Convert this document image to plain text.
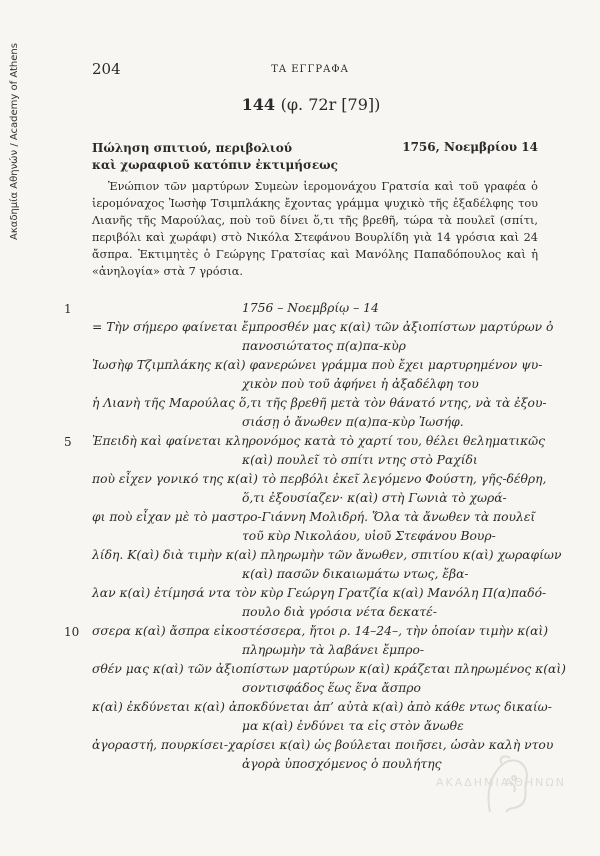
Ακαδημία Αθηνών / Academy of Athens	204	ΤΑ ΕΓΓΡΑΦΑ
144 (φ. 72r [79])
Πώληση σπιτιού, περιβολιού
καὶ χωραφιοῦ κατόπιν ἐκτιμήσεως
1756, Νοεμβρίου 14
Ἐνώπιον τῶν μαρτύρων Συμεὼν ἱερομονάχου Γρατσία καὶ τοῦ γραφέα ὁ ἱερομόναχος Ἰωσὴφ Τσιμπλάκης ἔχοντας γράμμα ψυχικὸ τῆς ἐξαδέλφης του Λιανῆς τῆς Μαρούλας, ποὺ τοῦ δίνει ὅ,τι τῆς βρεθῆ, τώρα τὰ πουλεῖ (σπίτι, περιβόλι καὶ χωράφι) στὸ Νικόλα Στεφάνου Βουρλίδη γιὰ 14 γρόσια καὶ 24 ἄσπρα. Ἐκτιμητὲς ὁ Γεώργης Γρατσίας καὶ Μανόλης Παπαδόπουλος καὶ ἡ «ἀνηλογία» στὰ 7 γρόσια.
1
5
10
1756 – Νοεμβρίῳ – 14
= Τὴν σήμερο φαίνεται ἔμπροσθέν μας κ(αὶ) τῶν ἀξιοπίστων μαρτύρων ὁ
πανοσιώτατος π(α)πα-κὺρ
Ἰωσὴφ Τζιμπλάκης κ(αὶ) φανερώνει γράμμα ποὺ ἔχει μαρτυρημένον ψυ-
χικὸν ποὺ τοῦ ἀφήνει ἡ ἀξαδέλφη του
ἡ Λιανὴ τῆς Μαρούλας ὅ,τι τῆς βρεθῆ μετὰ τὸν θάνατό ντης, νὰ τὰ ἐξου-
σιάσῃ ὁ ἄνωθεν π(α)πα-κὺρ Ἰωσήφ.
Ἐπειδὴ καὶ φαίνεται κληρονόμος κατὰ τὸ χαρτί του, θέλει θεληματικῶς
κ(αὶ) πουλεῖ τὸ σπίτι ντης στὸ Ραχίδι
ποὺ εἶχεν γονικό της κ(αὶ) τὸ περβόλι ἐκεῖ λεγόμενο Φούστη, γῆς-δέθρη,
ὅ,τι ἐξουσίαζεν· κ(αὶ) στὴ Γωνιὰ τὸ χωρά-
φι ποὺ εἶχαν μὲ τὸ μαστρο-Γιάννη Μολιδρή. Ὅλα τὰ ἄνωθεν τὰ πουλεῖ
τοῦ κὺρ Νικολάου, υἱοῦ Στεφάνου Βουρ-
λίδη. Κ(αὶ) διὰ τιμὴν κ(αὶ) πληρωμὴν τῶν ἄνωθεν, σπιτίου κ(αὶ) χωραφίων
κ(αὶ) πασῶν δικαιωμάτω ντως, ἔβα-
λαν κ(αὶ) ἐτίμησά ντα τὸν κὺρ Γεώργη Γρατζία κ(αὶ) Μανόλη Π(α)παδό-
πουλο διὰ γρόσια νέτα δεκατέ-
σσερα κ(αὶ) ἄσπρα εἰκοστέσσερα, ἤτοι ρ. 14–24–, τὴν ὁποίαν τιμὴν κ(αὶ)
πληρωμὴν τὰ λαβάνει ἔμπρο-
σθέν μας κ(αὶ) τῶν ἀξιοπίστων μαρτύρων κ(αὶ) κράζεται πληρωμένος κ(αὶ)
σοντισφάδος ἕως ἕνα ἄσπρο
κ(αὶ) ἐκδύνεται κ(αὶ) ἀποκδύνεται ἀπ’ αὐτὰ κ(αὶ) ἀπὸ κάθε ντως δικαίω-
μα κ(αὶ) ἐνδύνει τα εἰς στὸν ἄνωθε
ἀγοραστή, πουρκίσει-χαρίσει κ(αὶ) ὡς βούλεται ποιῆσει, ὡσὰν καλὴ ντου
ἀγορὰ ὑποσχόμενος ὁ πουλήτης
ΑΚΑΔΗΜΙΑ
ΑΘΗΝΩΝ
